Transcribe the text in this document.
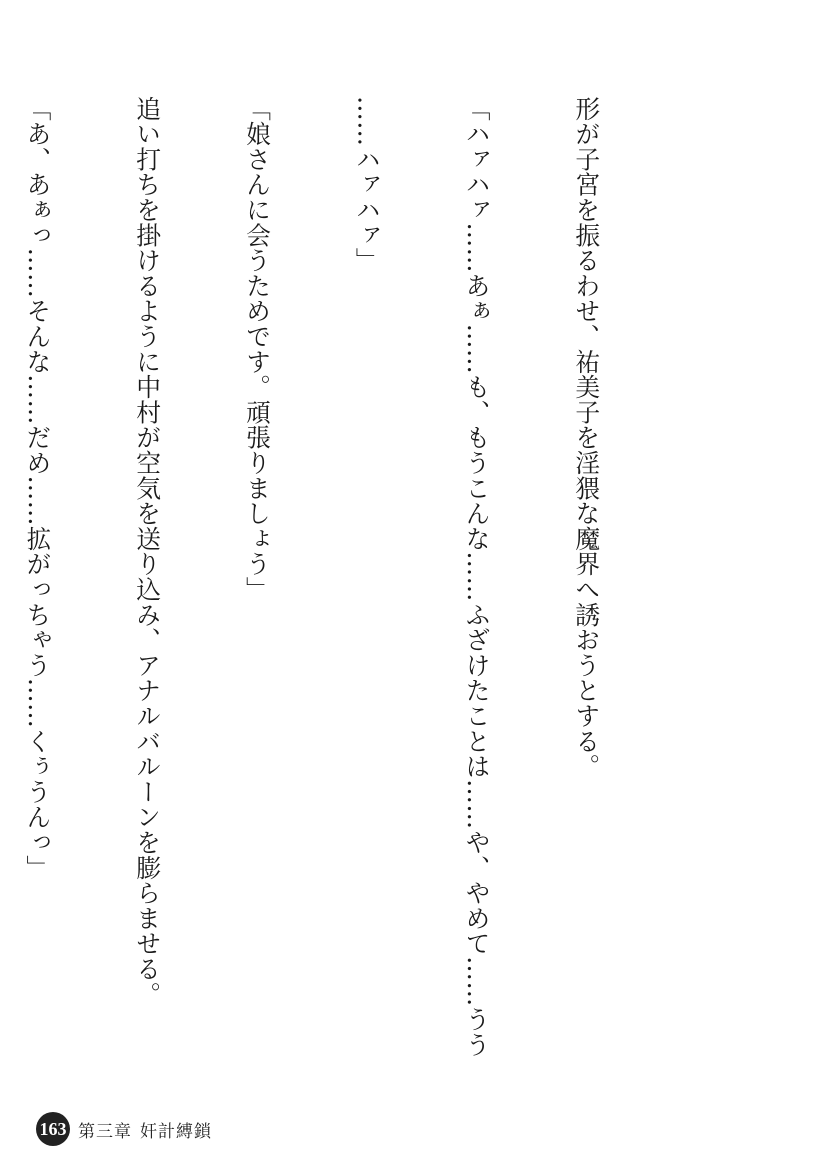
形が子宮を振るわせ、祐美子を淫猥な魔界へ誘おうとする。

「ハァハァ……あぁ……も、もうこんな……ふざけたことは……や、やめて……うう

……ハァハァ」

「娘さんに会うためです。頑張りましょう」

追い打ちを掛けるように中村が空気を送り込み、アナルバルーンを膨らませる。

「あ、あぁっ……そんな……だめ……拡がっちゃう……くぅうんっ」

163 第三章 奸計縛鎖
